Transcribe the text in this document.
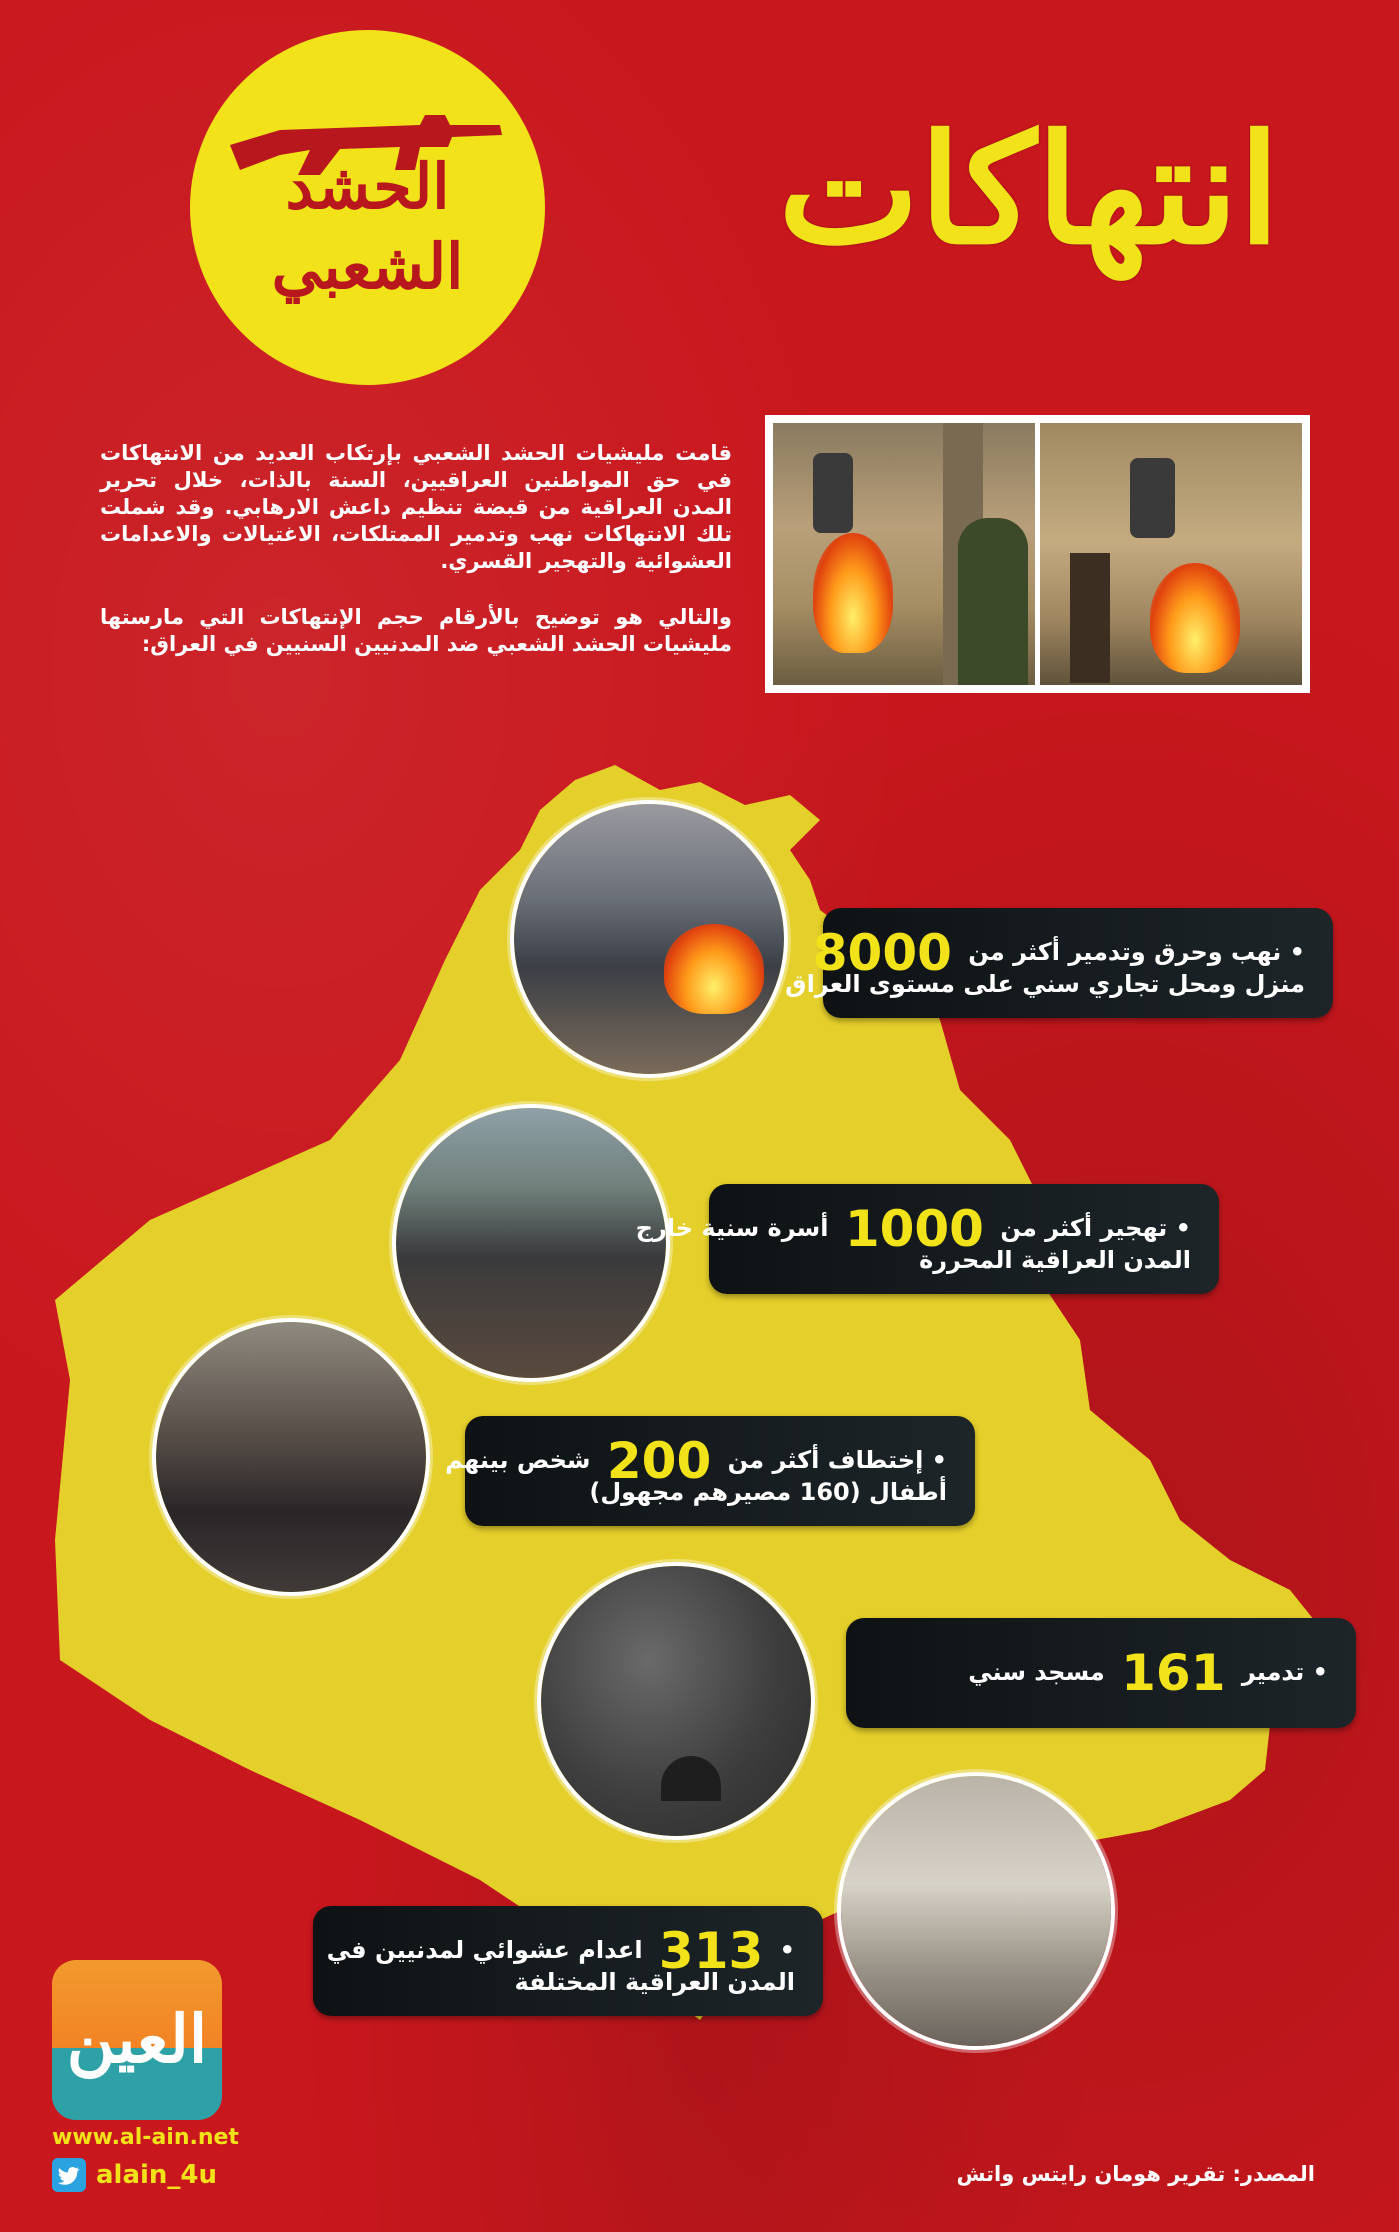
الحشد
الشعبي	انتهاكات
قامت مليشيات الحشد الشعبي بإرتكاب العديد من الانتهاكات في حق المواطنين العراقيين، السنة بالذات، خلال تحرير المدن العراقية من قبضة تنظيم داعش الارهابي. وقد شملت تلك الانتهاكات نهب وتدمير الممتلكات، الاغتيالات والاعدامات العشوائية والتهجير القسري.
والتالي هو توضيح بالأرقام حجم الإنتهاكات التي مارستها مليشيات الحشد الشعبي ضد المدنيين السنيين في العراق:
• نهب وحرق وتدمير أكثر من 8000
منزل ومحل تجاري سني على مستوى العراق
• تهجير أكثر من 1000 أسرة سنية خارج
المدن العراقية المحررة
• إختطاف أكثر من 200 شخص بينهم
أطفال (160 مصيرهم مجهول)
• تدمير 161 مسجد سني
• 313 اعدام عشوائي لمدنيين في
المدن العراقية المختلفة
العين
www.al-ain.net
alain_4u	المصدر: تقرير هومان رايتس واتش
